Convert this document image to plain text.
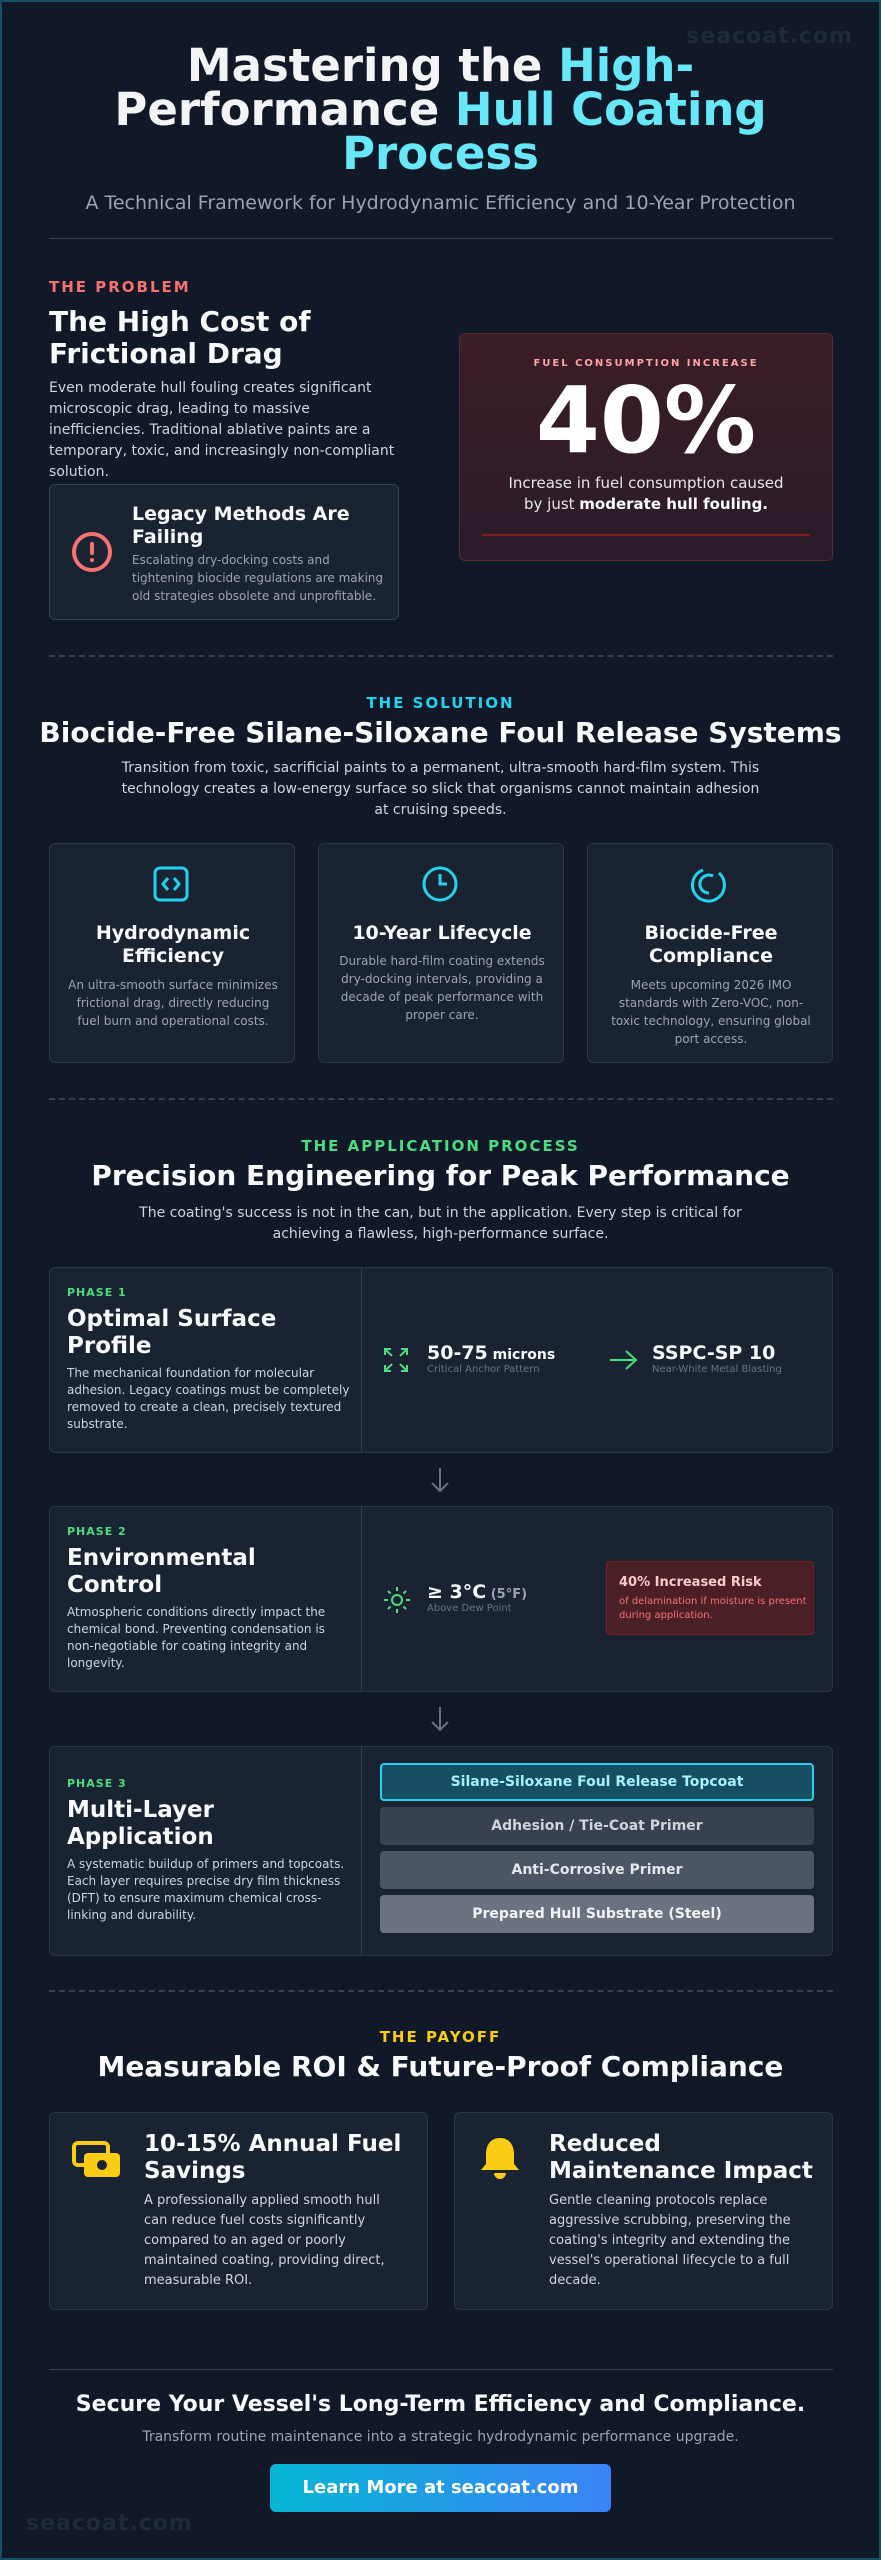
seacoat.com
Mastering the High-
Performance Hull Coating
Process
A Technical Framework for Hydrodynamic Efficiency and 10-Year Protection
THE PROBLEM
The High Cost of Frictional Drag
Even moderate hull fouling creates significant microscopic drag, leading to massive inefficiencies. Traditional ablative paints are a temporary, toxic, and increasingly non-compliant solution.
Legacy Methods Are Failing

Escalating dry-docking costs and tightening biocide regulations are making old strategies obsolete and unprofitable.

FUEL CONSUMPTION INCREASE
40%
Increase in fuel consumption caused by just moderate hull fouling.
THE SOLUTION
Biocide-Free Silane-Siloxane Foul Release Systems
Transition from toxic, sacrificial paints to a permanent, ultra-smooth hard-film system. This technology creates a low-energy surface so slick that organisms cannot maintain adhesion at cruising speeds.
Hydrodynamic Efficiency

An ultra-smooth surface minimizes frictional drag, directly reducing fuel burn and operational costs.

10-Year Lifecycle

Durable hard-film coating extends dry-docking intervals, providing a decade of peak performance with proper care.

Biocide-Free Compliance

Meets upcoming 2026 IMO standards with Zero-VOC, non-toxic technology, ensuring global port access.

THE APPLICATION PROCESS
Precision Engineering for Peak Performance
The coating's success is not in the can, but in the application. Every step is critical for achieving a flawless, high-performance surface.
PHASE 1
Optimal Surface Profile

The mechanical foundation for molecular adhesion. Legacy coatings must be completely removed to create a clean, precisely textured substrate.

50-75 microns
Critical Anchor Pattern
SSPC-SP 10
Near-White Metal Blasting
PHASE 2
Environmental Control

Atmospheric conditions directly impact the chemical bond. Preventing condensation is non-negotiable for coating integrity and longevity.

≥ 3°C (5°F)
Above Dew Point
40% Increased Risk
of delamination if moisture is present during application.
PHASE 3
Multi-Layer Application

A systematic buildup of primers and topcoats. Each layer requires precise dry film thickness (DFT) to ensure maximum chemical cross-linking and durability.

Silane-Siloxane Foul Release Topcoat
Adhesion / Tie-Coat Primer
Anti-Corrosive Primer
Prepared Hull Substrate (Steel)
THE PAYOFF
Measurable ROI & Future-Proof Compliance
10-15% Annual Fuel Savings

A professionally applied smooth hull can reduce fuel costs significantly compared to an aged or poorly maintained coating, providing direct, measurable ROI.

Reduced Maintenance Impact

Gentle cleaning protocols replace aggressive scrubbing, preserving the coating's integrity and extending the vessel's operational lifecycle to a full decade.

Secure Your Vessel's Long-Term Efficiency and Compliance.
Transform routine maintenance into a strategic hydrodynamic performance upgrade.
Learn More at seacoat.com
seacoat.com
